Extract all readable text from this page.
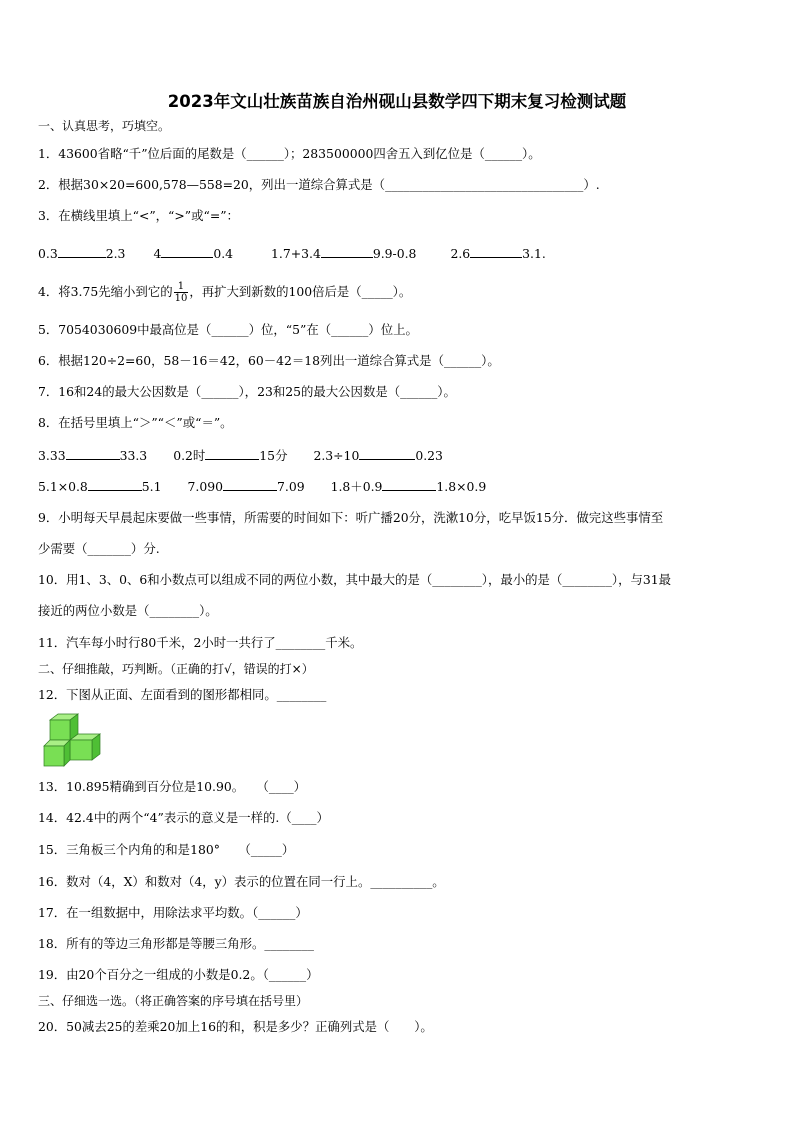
2023年文山壮族苗族自治州砚山县数学四下期末复习检测试题
一、认真思考，巧填空。
1．43600省略“千”位后面的尾数是（______）；283500000四舍五入到亿位是（______）。
2．根据30×20=600,578—558=20，列出一道综合算式是（________________________________）.
3．在横线里填上“<”，“>”或“=”：
0.3	2.3 4	0.4	1.7+3.4	9.9-0.8	2.6	3.1.
4．将3.75先缩小到它的 $\frac{1}{10}$ ，再扩大到新数的100倍后是（_____）。
5．7054030609中最高位是（______）位，“5”在（______）位上。
6．根据120÷2=60，58－16＝42，60－42＝18列出一道综合算式是（______）。
7．16和24的最大公因数是（______），23和25的最大公因数是（______）。
8．在括号里填上“＞”“＜”或“＝”。
3.33	33.3 0.2时	15分 2.3÷10	0.23
5.1×0.8	5.1 7.090	7.09 1.8＋0.9	1.8×0.9
9．小明每天早晨起床要做一些事情，所需要的时间如下：听广播20分，洗漱10分，吃早饭15分．做完这些事情至
少需要（_______）分.
10．用1、3、0、6和小数点可以组成不同的两位小数，其中最大的是（________），最小的是（________），与31最
接近的两位小数是（________）。
11．汽车每小时行80千米，2小时一共行了________千米。
二、仔细推敲，巧判断。（正确的打√，错误的打×）
12．下图从正面、左面看到的图形都相同。________
13．10.895精确到百分位是10.90。　　（____）
14．42.4中的两个“4”表示的意义是一样的.（____）
15．三角板三个内角的和是180°　　（_____）
16．数对（4，X）和数对（4，y）表示的位置在同一行上。__________。
17．在一组数据中，用除法求平均数。（______）
18．所有的等边三角形都是等腰三角形。________
19．由20个百分之一组成的小数是0.2。（______）
三、仔细选一选。（将正确答案的序号填在括号里）
20．50减去25的差乘20加上16的和，积是多少？正确列式是（　　）。
